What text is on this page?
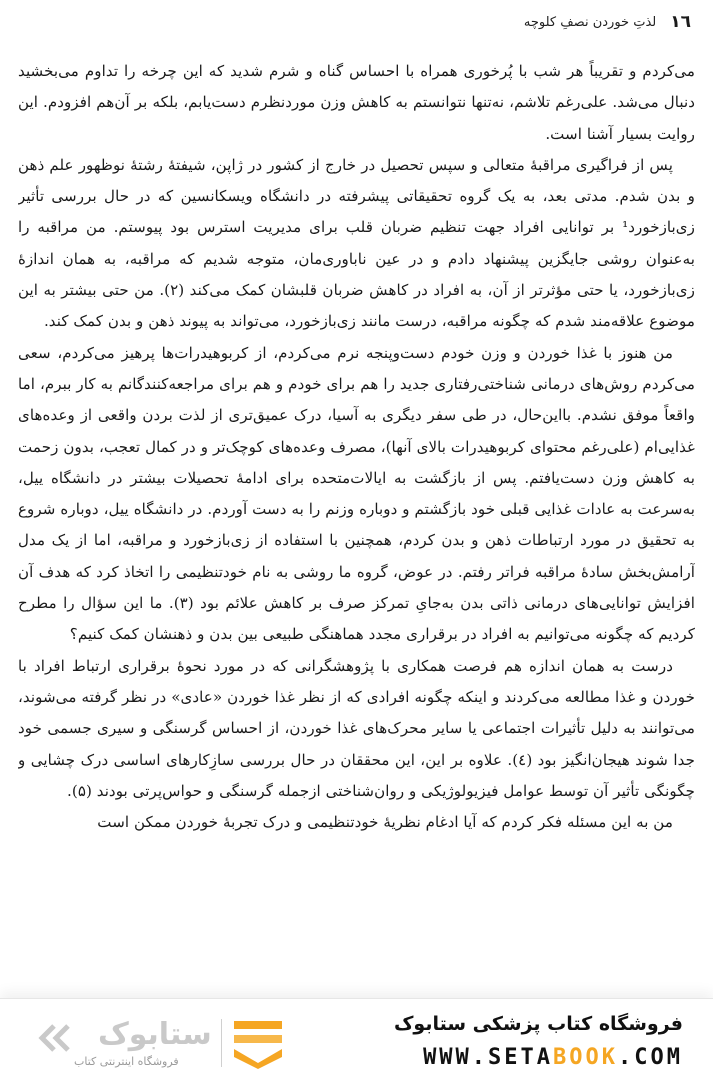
١٦
لذتِ خوردن نصفِ کلوچه

می‌کردم و تقریباً هر شب با پُرخوری همراه با احساس گناه و شرم شدید که این چرخه را تداوم می‌بخشید دنبال می‌شد. علی‌رغم تلاشم، نه‌تنها نتوانستم به کاهش وزن موردنظرم دست‌یابم، بلکه بر آن‌هم افزودم. این روایت بسیار آشنا است.

پس از فراگیری مراقبهٔ متعالی و سپس تحصیل در خارج از کشور در ژاپن، شیفتهٔ رشتهٔ نوظهور علم ذهن و بدن شدم. مدتی بعد، به یک گروه تحقیقاتی پیشرفته در دانشگاه ویسکانسین که در حال بررسی تأثیر زی‌بازخورد¹ بر توانایی افراد جهت تنظیم ضربان قلب برای مدیریت استرس بود پیوستم. من مراقبه را به‌عنوان روشی جایگزین پیشنهاد دادم و در عین ناباوری‌مان، متوجه شدیم که مراقبه، به همان اندازهٔ زی‌بازخورد، یا حتی مؤثرتر از آن، به افراد در کاهش ضربان قلبشان کمک می‌کند (۲). من حتی بیشتر به این موضوع علاقه‌مند شدم که چگونه مراقبه، درست مانند زی‌بازخورد، می‌تواند به پیوند ذهن و بدن کمک کند.

من هنوز با غذا خوردن و وزن خودم دست‌وپنجه نرم می‌کردم، از کربوهیدرات‌ها پرهیز می‌کردم، سعی می‌کردم روش‌های درمانی شناختی‌رفتاری جدید را هم برای خودم و هم برای مراجعه‌کنندگانم به کار ببرم، اما واقعاً موفق نشدم. بااین‌حال، در طی سفر دیگری به آسیا، درک عمیق‌تری از لذت بردن واقعی از وعده‌های غذایی‌ام (علی‌رغم محتوای کربوهیدرات بالای آنها)، مصرف وعده‌های کوچک‌تر و در کمال تعجب، بدون زحمت به کاهش وزن دست‌یافتم. پس از بازگشت به ایالات‌متحده برای ادامهٔ تحصیلات بیشتر در دانشگاه ییل، به‌سرعت به عادات غذایی قبلی خود بازگشتم و دوباره وزنم را به دست آوردم. در دانشگاه ییل، دوباره شروع به تحقیق در مورد ارتباطات ذهن و بدن کردم، همچنین با استفاده از زی‌بازخورد و مراقبه، اما از یک مدل آرامش‌بخش سادهٔ مراقبه فراتر رفتم. در عوض، گروه ما روشی به نام خودتنظیمی را اتخاذ کرد که هدف آن افزایش توانایی‌های درمانی ذاتی بدن به‌جایِ تمرکز صرف بر کاهش علائم بود (۳). ما این سؤال را مطرح کردیم که چگونه می‌توانیم به افراد در برقراری مجدد هماهنگی طبیعی بین بدن و ذهنشان کمک کنیم؟

درست به همان اندازه هم فرصت همکاری با پژوهشگرانی که در مورد نحوهٔ برقراری ارتباط افراد با خوردن و غذا مطالعه می‌کردند و اینکه چگونه افرادی که از نظر غذا خوردن «عادی» در نظر گرفته می‌شوند، می‌توانند به دلیل تأثیرات اجتماعی یا سایر محرک‌های غذا خوردن، از احساس گرسنگی و سیری جسمی خود جدا شوند هیجان‌انگیز بود (٤). علاوه بر این، این محققان در حال بررسی سازِکارهای اساسی درک چشایی و چگونگی تأثیر آن توسط عوامل فیزیولوژیکی و روان‌شناختی ازجمله گرسنگی و حواس‌پرتی بودند (۵).

من به این مسئله فکر کردم که آیا ادغام نظریهٔ خودتنظیمی و درک تجربهٔ خوردن ممکن است

ستابوک
فروشگاه اینترنتی کتاب
فروشگاه کتاب پزشکی ستابوک
WWW.SETABOOK.COM
